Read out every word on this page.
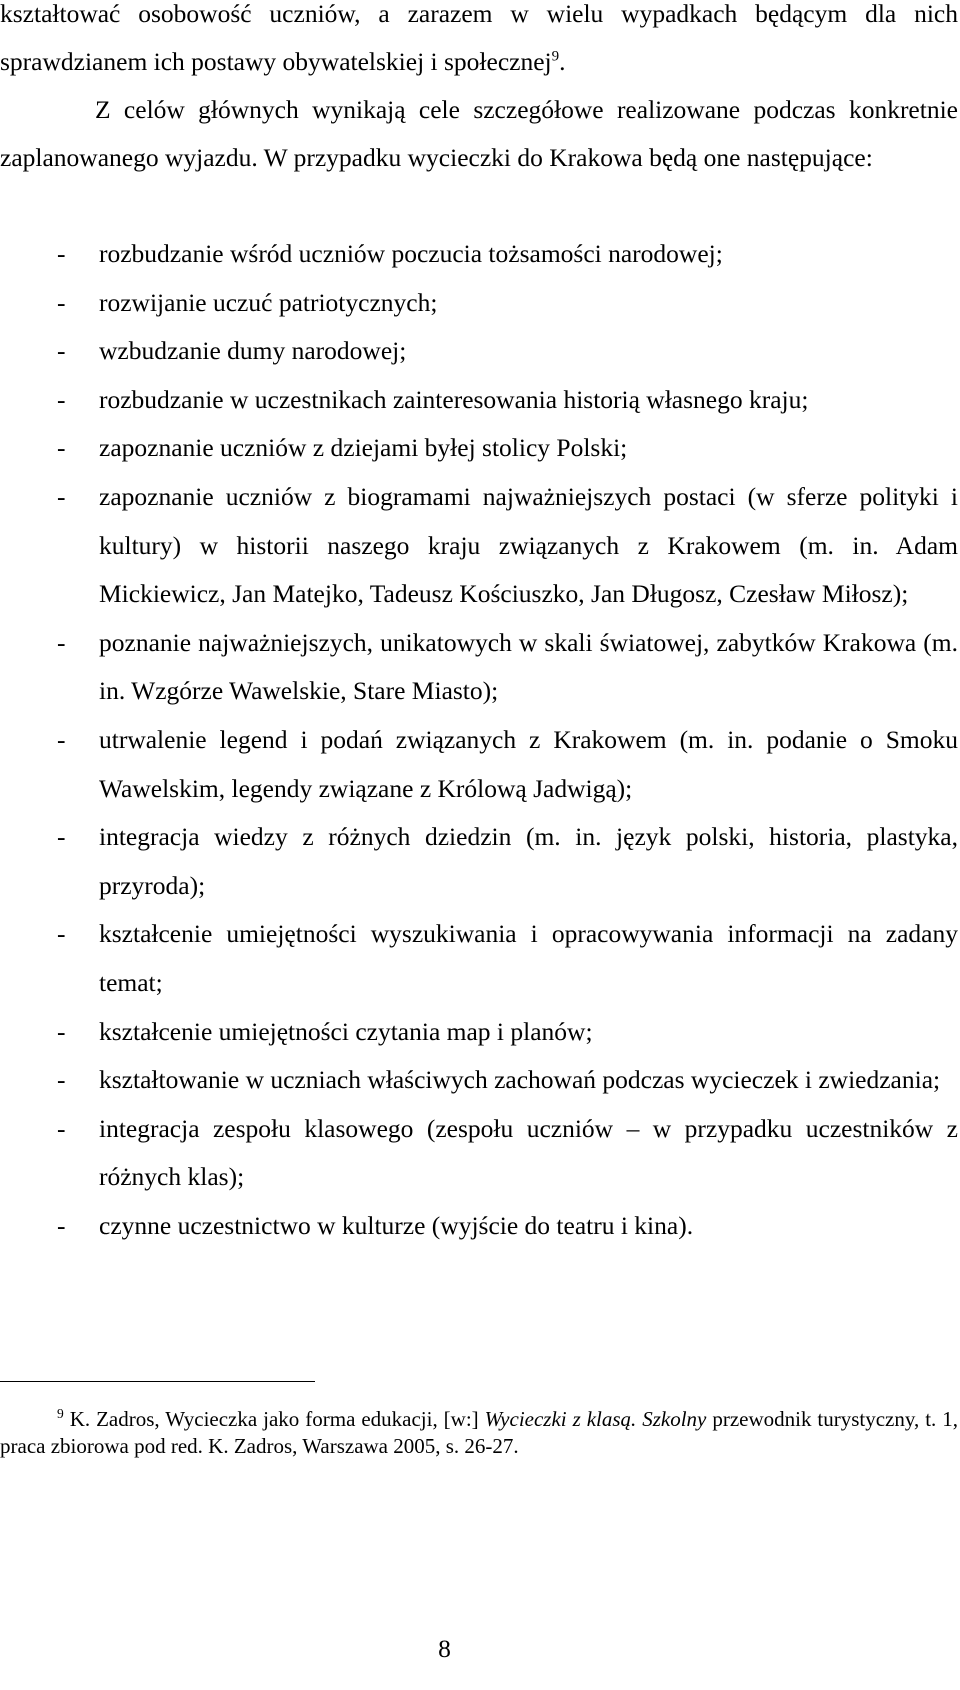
kształtować osobowość uczniów, a zarazem w wielu wypadkach będącym dla nich sprawdzianem ich postawy obywatelskiej i społecznej$^9$.

Z celów głównych wynikają cele szczegółowe realizowane podczas konkretnie zaplanowanego wyjazdu. W przypadku wycieczki do Krakowa będą one następujące:

- rozbudzanie wśród uczniów poczucia tożsamości narodowej;
- rozwijanie uczuć patriotycznych;
- wzbudzanie dumy narodowej;
- rozbudzanie w uczestnikach zainteresowania historią własnego kraju;
- zapoznanie uczniów z dziejami byłej stolicy Polski;
- zapoznanie uczniów z biogramami najważniejszych postaci (w sferze polityki i kultury) w historii naszego kraju związanych z Krakowem (m. in. Adam Mickiewicz, Jan Matejko, Tadeusz Kościuszko, Jan Długosz, Czesław Miłosz);
- poznanie najważniejszych, unikatowych w skali światowej, zabytków Krakowa (m. in. Wzgórze Wawelskie, Stare Miasto);
- utrwalenie legend i podań związanych z Krakowem (m. in. podanie o Smoku Wawelskim, legendy związane z Królową Jadwigą);
- integracja wiedzy z różnych dziedzin (m. in. język polski, historia, plastyka, przyroda);
- kształcenie umiejętności wyszukiwania i opracowywania informacji na zadany temat;
- kształcenie umiejętności czytania map i planów;
- kształtowanie w uczniach właściwych zachowań podczas wycieczek i zwiedzania;
- integracja zespołu klasowego (zespołu uczniów – w przypadku uczestników z różnych klas);
- czynne uczestnictwo w kulturze (wyjście do teatru i kina).

9 K. Zadros, Wycieczka jako forma edukacji, [w:] Wycieczki z klasą. Szkolny przewodnik turystyczny, t. 1, praca zbiorowa pod red. K. Zadros, Warszawa 2005, s. 26-27.

8
